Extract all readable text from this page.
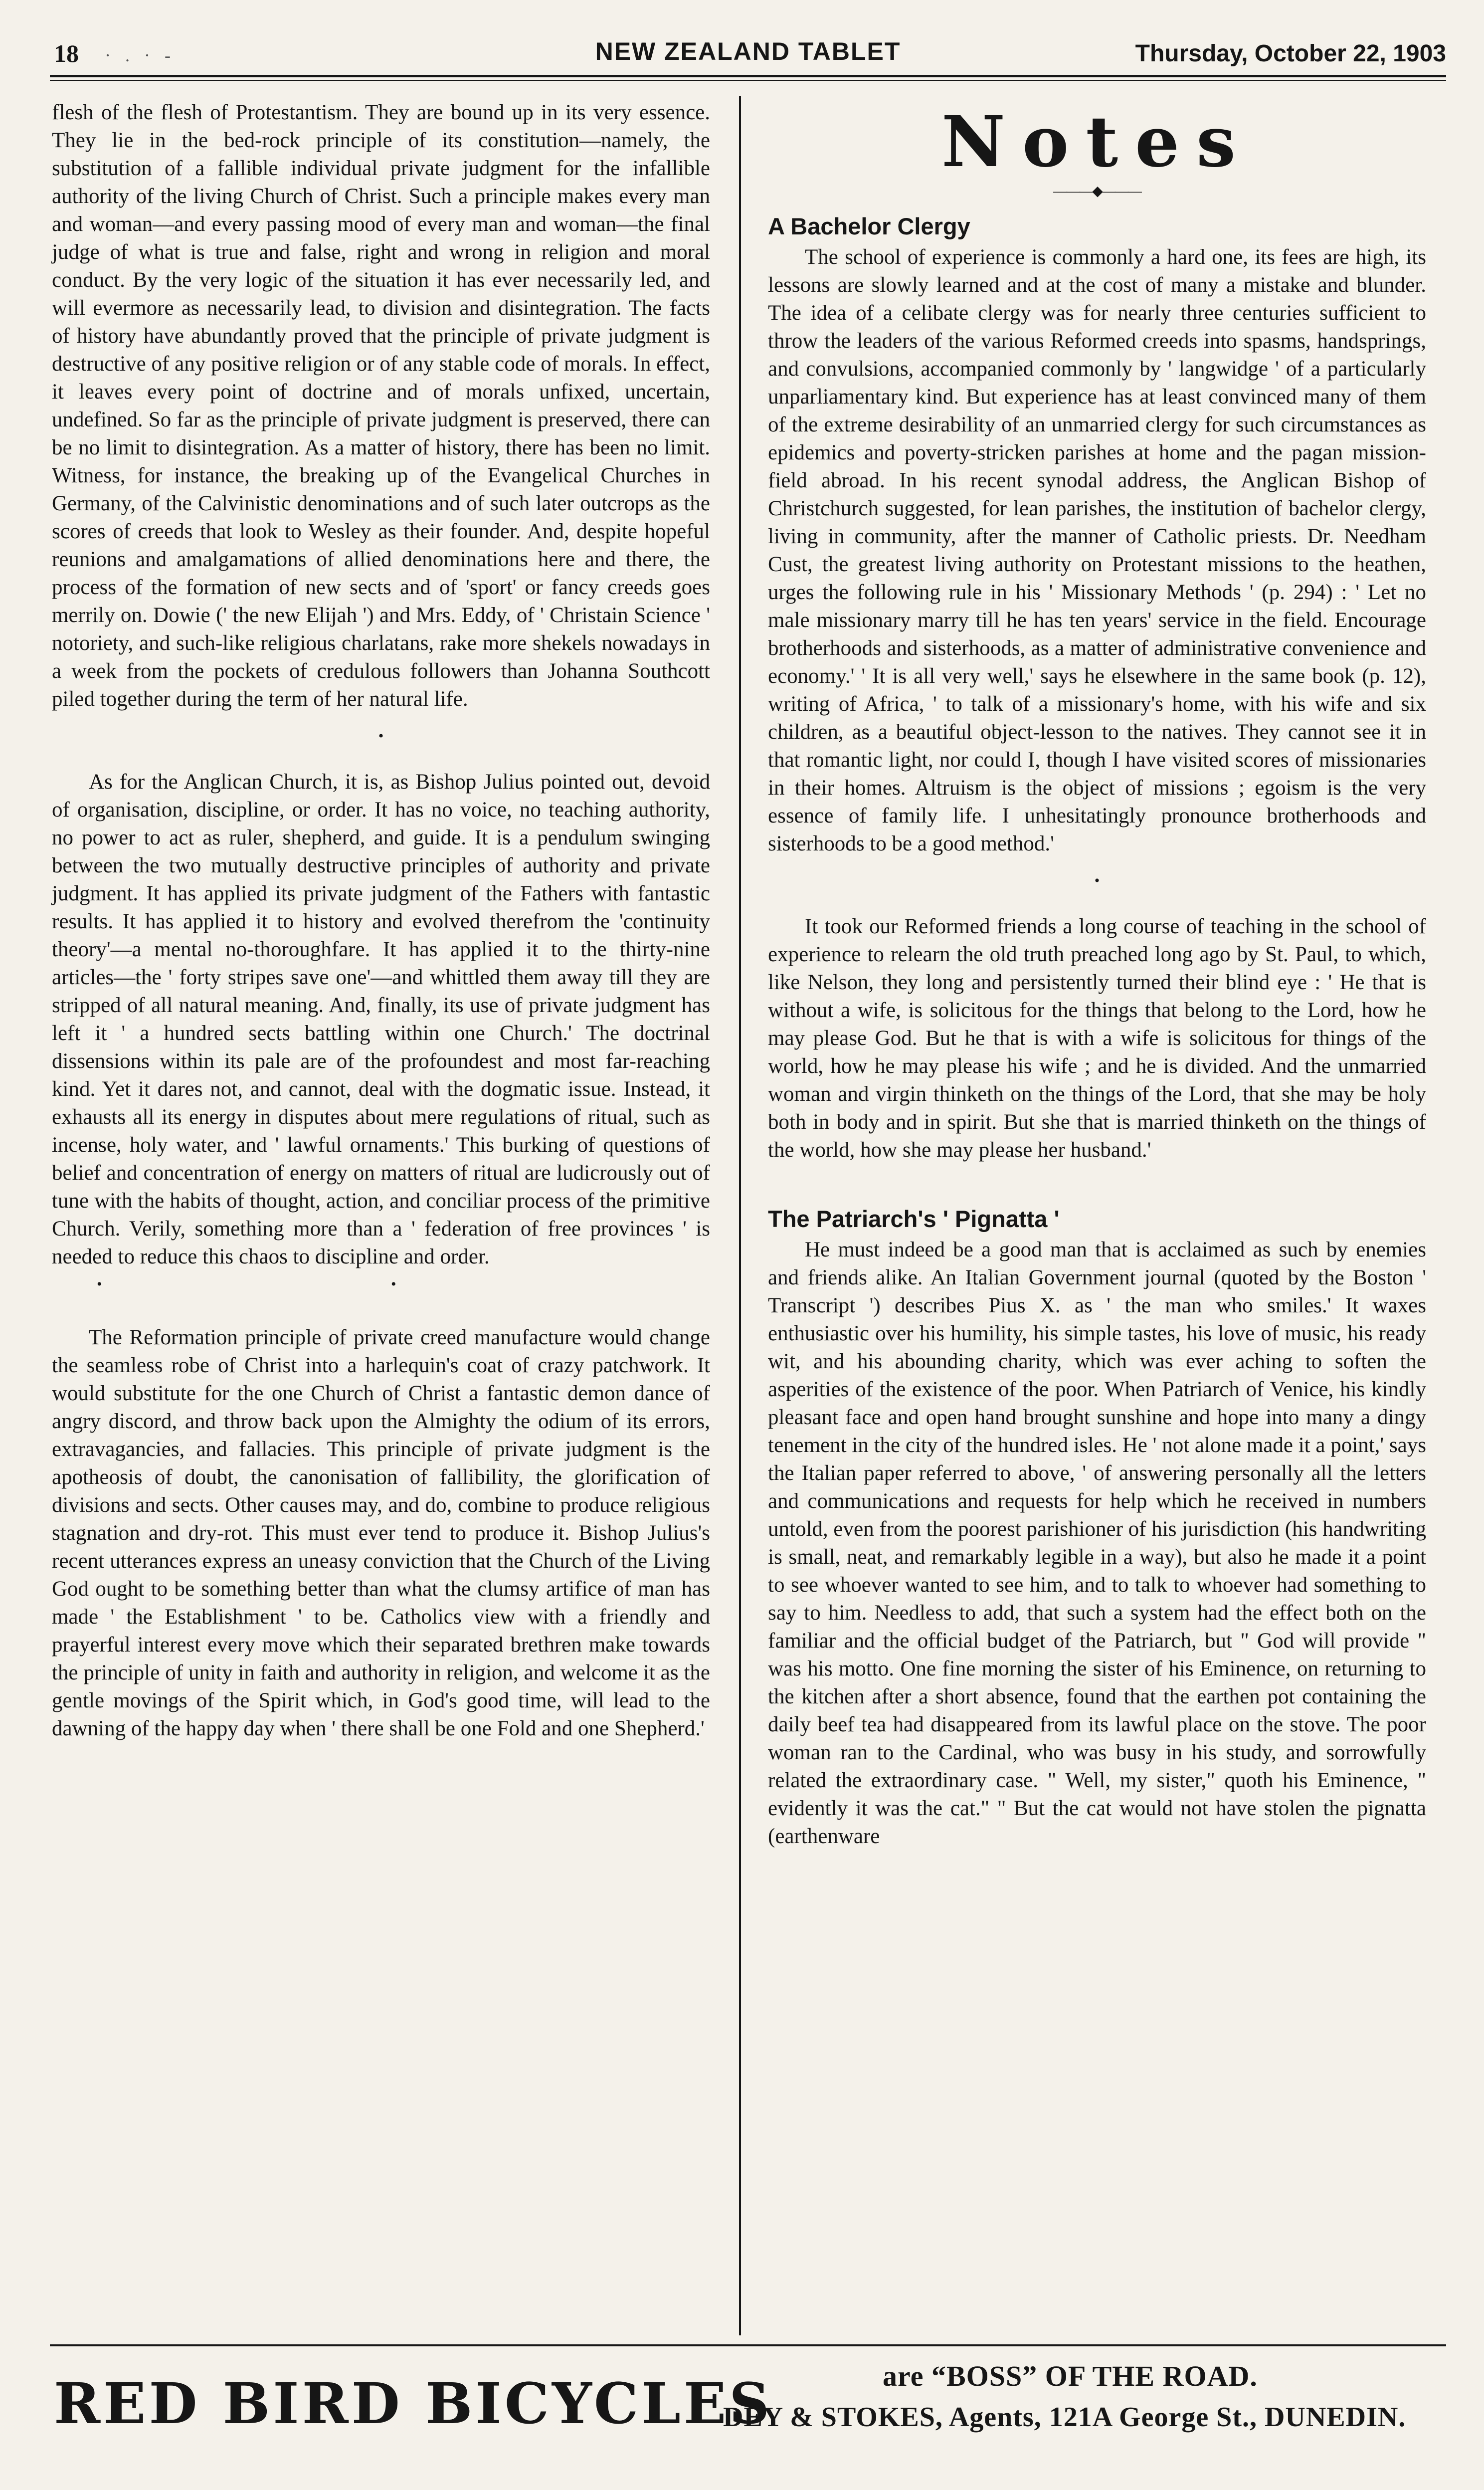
18 · . · -	NEW ZEALAND TABLET	Thursday, October 22, 1903

flesh of the flesh of Protestantism. They are bound up in its very essence. They lie in the bed-rock principle of its constitution—namely, the substitution of a fallible individual private judgment for the infallible authority of the living Church of Christ. Such a principle makes every man and woman—and every passing mood of every man and woman—the final judge of what is true and false, right and wrong in religion and moral conduct. By the very logic of the situation it has ever necessarily led, and will evermore as necessarily lead, to division and disintegration. The facts of history have abundantly proved that the principle of private judgment is destructive of any positive religion or of any stable code of morals. In effect, it leaves every point of doctrine and of morals unfixed, uncertain, undefined. So far as the principle of private judgment is preserved, there can be no limit to disintegration. As a matter of history, there has been no limit. Witness, for instance, the breaking up of the Evangelical Churches in Germany, of the Calvinistic denominations and of such later outcrops as the scores of creeds that look to Wesley as their founder. And, despite hopeful reunions and amalgamations of allied denominations here and there, the process of the formation of new sects and of 'sport' or fancy creeds goes merrily on. Dowie (' the new Elijah ') and Mrs. Eddy, of ' Christain Science ' notoriety, and such-like religious charlatans, rake more shekels nowadays in a week from the pockets of credulous followers than Johanna Southcott piled together during the term of her natural life.

•

As for the Anglican Church, it is, as Bishop Julius pointed out, devoid of organisation, discipline, or order. It has no voice, no teaching authority, no power to act as ruler, shepherd, and guide. It is a pendulum swinging between the two mutually destructive principles of authority and private judgment. It has applied its private judgment of the Fathers with fantastic results. It has applied it to history and evolved therefrom the 'continuity theory'—a mental no-thoroughfare. It has applied it to the thirty-nine articles—the ' forty stripes save one'—and whittled them away till they are stripped of all natural meaning. And, finally, its use of private judgment has left it ' a hundred sects battling within one Church.' The doctrinal dissensions within its pale are of the profoundest and most far-reaching kind. Yet it dares not, and cannot, deal with the dogmatic issue. Instead, it exhausts all its energy in disputes about mere regulations of ritual, such as incense, holy water, and ' lawful ornaments.' This burking of questions of belief and concentration of energy on matters of ritual are ludicrously out of tune with the habits of thought, action, and conciliar process of the primitive Church. Verily, something more than a ' federation of free provinces ' is needed to reduce this chaos to discipline and order.

•	•

The Reformation principle of private creed manufacture would change the seamless robe of Christ into a harlequin's coat of crazy patchwork. It would substitute for the one Church of Christ a fantastic demon dance of angry discord, and throw back upon the Almighty the odium of its errors, extravagancies, and fallacies. This principle of private judgment is the apotheosis of doubt, the canonisation of fallibility, the glorification of divisions and sects. Other causes may, and do, combine to produce religious stagnation and dry-rot. This must ever tend to produce it. Bishop Julius's recent utterances express an uneasy conviction that the Church of the Living God ought to be something better than what the clumsy artifice of man has made ' the Establishment ' to be. Catholics view with a friendly and prayerful interest every move which their separated brethren make towards the principle of unity in faith and authority in religion, and welcome it as the gentle movings of the Spirit which, in God's good time, will lead to the dawning of the happy day when ' there shall be one Fold and one Shepherd.'

Notes
———◆———
A Bachelor Clergy

The school of experience is commonly a hard one, its fees are high, its lessons are slowly learned and at the cost of many a mistake and blunder. The idea of a celibate clergy was for nearly three centuries sufficient to throw the leaders of the various Reformed creeds into spasms, handsprings, and convulsions, accompanied commonly by ' langwidge ' of a particularly unparliamentary kind. But experience has at least convinced many of them of the extreme desirability of an unmarried clergy for such circumstances as epidemics and poverty-stricken parishes at home and the pagan mission-field abroad. In his recent synodal address, the Anglican Bishop of Christchurch suggested, for lean parishes, the institution of bachelor clergy, living in community, after the manner of Catholic priests. Dr. Needham Cust, the greatest living authority on Protestant missions to the heathen, urges the following rule in his ' Missionary Methods ' (p. 294) : ' Let no male missionary marry till he has ten years' service in the field. Encourage brotherhoods and sisterhoods, as a matter of administrative convenience and economy.' ' It is all very well,' says he elsewhere in the same book (p. 12), writing of Africa, ' to talk of a missionary's home, with his wife and six children, as a beautiful object-lesson to the natives. They cannot see it in that romantic light, nor could I, though I have visited scores of missionaries in their homes. Altruism is the object of missions ; egoism is the very essence of family life. I unhesitatingly pronounce brotherhoods and sisterhoods to be a good method.'

•

It took our Reformed friends a long course of teaching in the school of experience to relearn the old truth preached long ago by St. Paul, to which, like Nelson, they long and persistently turned their blind eye : ' He that is without a wife, is solicitous for the things that belong to the Lord, how he may please God. But he that is with a wife is solicitous for things of the world, how he may please his wife ; and he is divided. And the unmarried woman and virgin thinketh on the things of the Lord, that she may be holy both in body and in spirit. But she that is married thinketh on the things of the world, how she may please her husband.'

The Patriarch's ' Pignatta '

He must indeed be a good man that is acclaimed as such by enemies and friends alike. An Italian Government journal (quoted by the Boston ' Transcript ') describes Pius X. as ' the man who smiles.' It waxes enthusiastic over his humility, his simple tastes, his love of music, his ready wit, and his abounding charity, which was ever aching to soften the asperities of the existence of the poor. When Patriarch of Venice, his kindly pleasant face and open hand brought sunshine and hope into many a dingy tenement in the city of the hundred isles. He ' not alone made it a point,' says the Italian paper referred to above, ' of answering personally all the letters and communications and requests for help which he received in numbers untold, even from the poorest parishioner of his jurisdiction (his handwriting is small, neat, and remarkably legible in a way), but also he made it a point to see whoever wanted to see him, and to talk to whoever had something to say to him. Needless to add, that such a system had the effect both on the familiar and the official budget of the Patriarch, but " God will provide " was his motto. One fine morning the sister of his Eminence, on returning to the kitchen after a short absence, found that the earthen pot containing the daily beef tea had disappeared from its lawful place on the stove. The poor woman ran to the Cardinal, who was busy in his study, and sorrowfully related the extraordinary case. " Well, my sister," quoth his Eminence, " evidently it was the cat." " But the cat would not have stolen the pignatta (earthenware

RED BIRD BICYCLES	are “BOSS” OF THE ROAD.
DEY & STOKES, Agents, 121A George St., DUNEDIN.
